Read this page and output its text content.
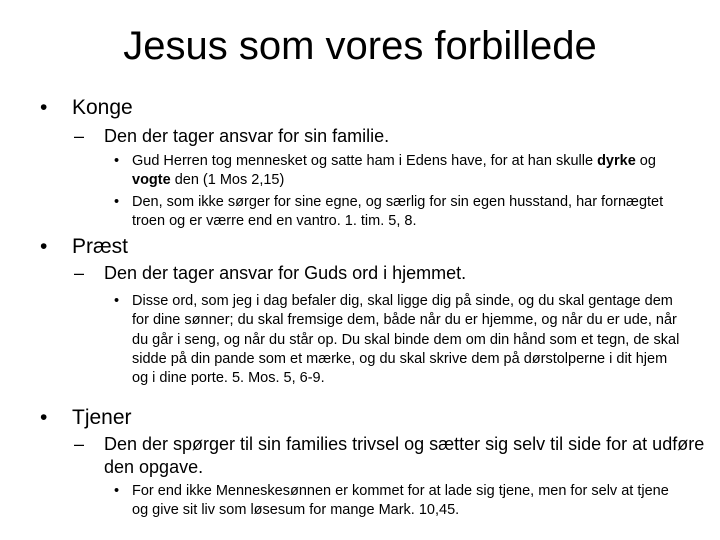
Jesus som vores forbillede
• Konge
– Den der tager ansvar for sin familie.
• Gud Herren tog mennesket og satte ham i Edens have, for at han skulle dyrke og vogte den (1 Mos 2,15)
• Den, som ikke sørger for sine egne, og særlig for sin egen husstand, har fornægtet troen og er værre end en vantro. 1. tim. 5, 8.
• Præst
– Den der tager ansvar for Guds ord i hjemmet.
• Disse ord, som jeg i dag befaler dig, skal ligge dig på sinde, og du skal gentage dem for dine sønner; du skal fremsige dem, både når du er hjemme, og når du er ude, når du går i seng, og når du står op. Du skal binde dem om din hånd som et tegn, de skal sidde på din pande som et mærke, og du skal skrive dem på dørstolperne i dit hjem og i dine porte. 5. Mos. 5, 6-9.
• Tjener
– Den der spørger til sin families trivsel og sætter sig selv til side for at udføre den opgave.
• For end ikke Menneskesønnen er kommet for at lade sig tjene, men for selv at tjene og give sit liv som løsesum for mange Mark. 10,45.
